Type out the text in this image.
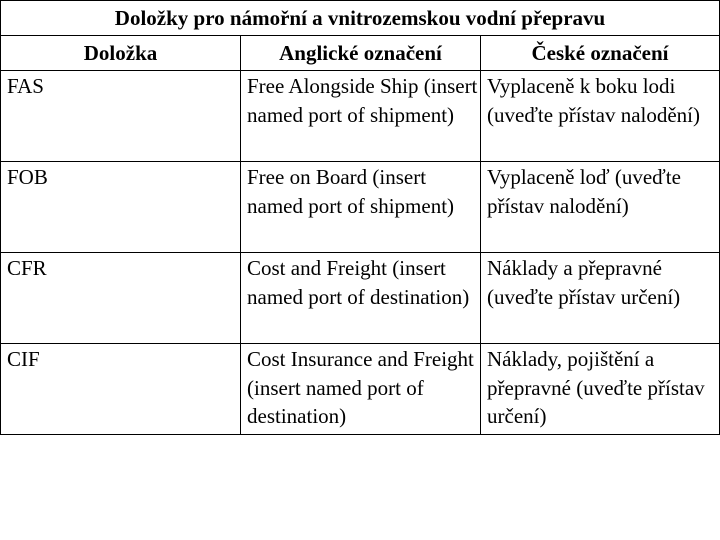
Doložky pro námořní a vnitrozemskou vodní přepravu		
Doložka	Anglické označení	České označení

FAS	Free Alongside Ship (insert named port of shipment)	Vyplaceně k boku lodi (uveďte přístav nalodění)

FOB	Free on Board (insert named port of shipment)	Vyplaceně loď (uveďte přístav nalodění)

CFR	Cost and Freight (insert named port of destination)	Náklady a přepravné (uveďte přístav určení)

CIF	Cost Insurance and Freight (insert named port of destination)	Náklady, pojištění a přepravné (uveďte přístav určení)
